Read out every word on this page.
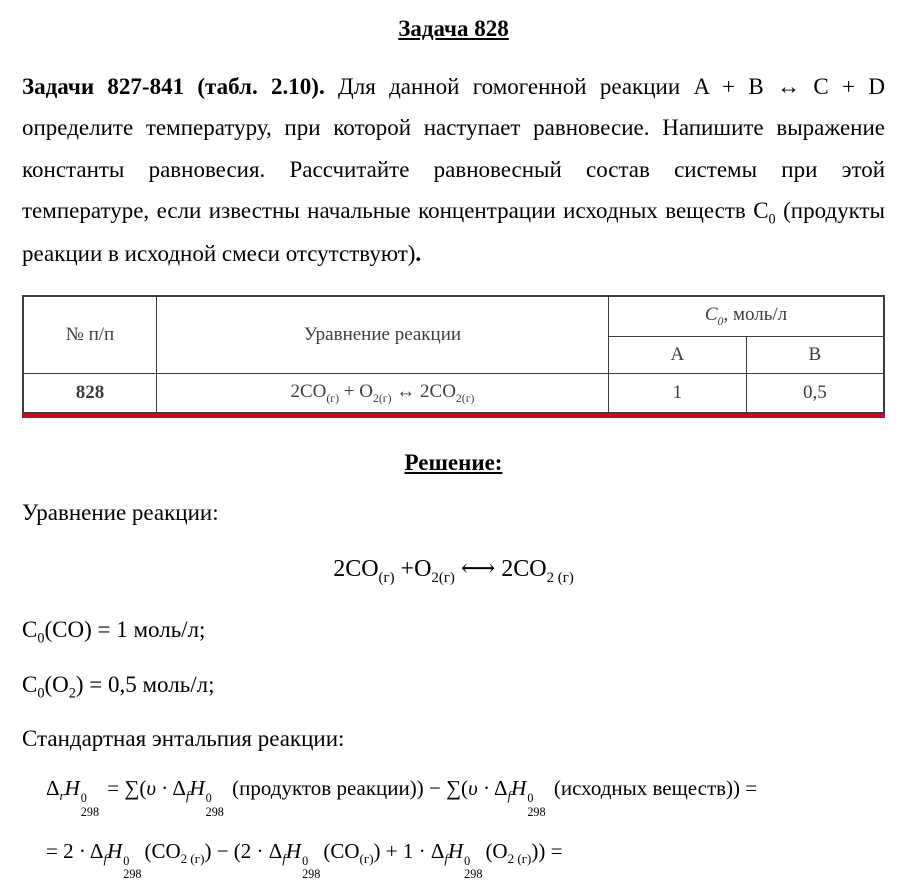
Задача 828

Задачи 827-841 (табл. 2.10). Для данной гомогенной реакции A + B ↔ C + D определите температуру, при которой наступает равновесие. Напишите выражение константы равновесия. Рассчитайте равновесный состав системы при этой температуре, если известны начальные концентрации исходных веществ $C_0$ (продукты реакции в исходной смеси отсутствуют).

№ п/п	Уравнение реакции	$C_0$, моль/л	
		А	В
828	$2CO_{(г)} + O_{2(г)}$ ↔ $2CO_{2(г)}$	1	0,5
Решение:

Уравнение реакции:

$2CO_{(г)} +O_{2(г)}$ ⟷ $2CO_{2 (г)}$

$C_0(CO) = 1$ моль/л;

$C_0(O_2) = 0,5$ моль/л;

Стандартная энтальпия реакции:

$\Delta_rH$ 0
298
= $\sum(\upsilon \cdot \Delta_fH$ 0
298
(продуктов реакции)) − $\sum(\upsilon \cdot \Delta_fH$ 0
298
(исходных веществ)) =
= $2 \cdot \Delta_fH$ 0
298
$(CO_{2 (г)}) - (2 \cdot \Delta_fH$ 0
298
$(CO_{(г)}) + 1 \cdot \Delta_fH$ 0
298
$(O_{2 (г)})$) =
